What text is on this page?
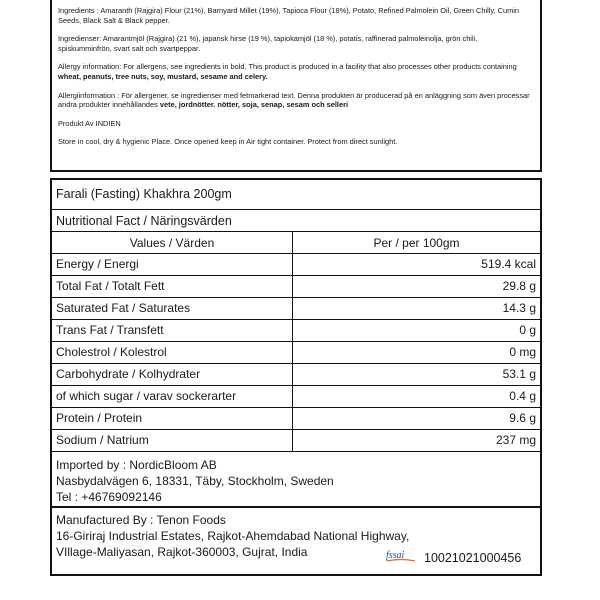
Ingredients : Amaranth (Rajgira) Flour (21%), Barnyard Millet (19%), Tapioca Flour (18%), Potato, Refined Palmolein Oil, Green Chilly, Cumin Seeds, Black Salt & Black pepper.

Ingredienser: Amarantmjöl (Rajgira) (21 %), japansk hirse (19 %), tapiokamjöl (18 %), potatis, raffinerad palmoleinolja, grön chili, spiskumminfrön, svart salt och svartpeppar.

Allergy information: For allergens, see ingredients in bold. This product is produced in a facility that also processes other products containing wheat, peanuts, tree nuts, soy, mustard, sesame and celery.

Allergiinformation : För allergener, se ingredienser med fetmarkerad text. Denna produkten är producerad på en anläggning som även processar andra produkter innehållandes vete, jordnötter. nötter, soja, senap, sesam och selleri

Produkt Av INDIEN

Store in cool, dry & hygienic Place. Once opened keep in Air tight container. Protect from direct sunlight.

Farali (Fasting) Khakhra 200gm
Nutritional Fact / Näringsvärden
Values / Värden	Per / per 100gm
Energy / Energi	519.4 kcal
Total Fat / Totalt Fett	29.8 g
Saturated Fat / Saturates	14.3 g
Trans Fat / Transfett	0 g
Cholestrol / Kolestrol	0 mg
Carbohydrate / Kolhydrater	53.1 g
of which sugar / varav sockerarter	0.4 g
Protein / Protein	9.6 g
Sodium / Natrium	237 mg
Imported by : NordicBloom AB
Nasbydalvägen 6, 18331, Täby, Stockholm, Sweden
Tel : +46769092146
Manufactured By : Tenon Foods
16-Giriraj Industrial Estates, Rajkot-Ahemdabad National Highway,
VIllage-Maliyasan, Rajkot-360003, Gujrat, India	fssai 10021021000456
